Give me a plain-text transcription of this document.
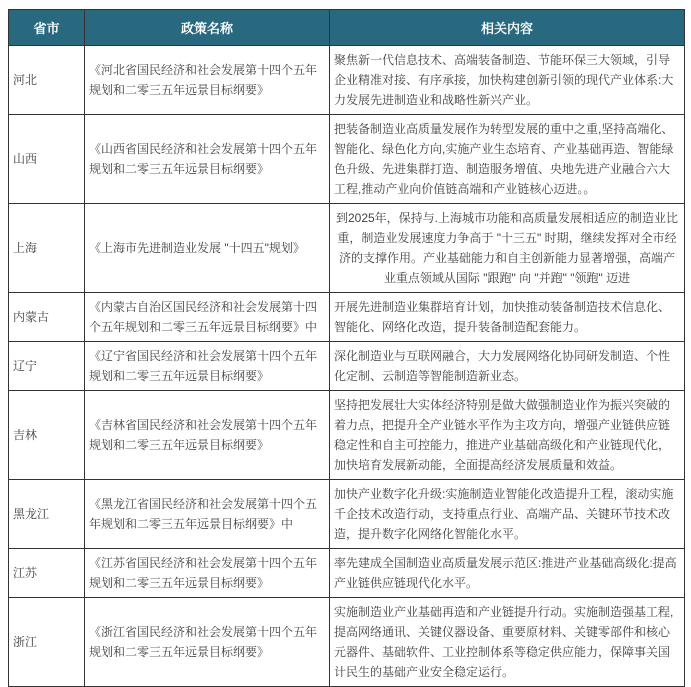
省市	政策名称	相关内容
河北	《河北省国民经济和社会发展第十四个五年规划和二零三五年远景目标纲要》	聚焦新一代信息技术、高端装备制造、节能环保三大领域，引导企业精准对接、有序承接，加快构建创新引领的现代产业体系:大力发展先进制造业和战略性新兴产业。
山西	《山西省国民经济和社会发展第十四个五年规划和二零三五年远景目标纲要》	把装备制造业高质量发展作为转型发展的重中之重,坚持高端化、智能化、绿色化方向,实施产业生态培育、产业基础再造、智能绿色升级、先进集群打造、制造服务增值、央地先进产业融合六大工程,推动产业向价值链高端和产业链核心迈进。。
上海	《上海市先进制造业发展 "十四五"规划》	到2025年，保持与.上海城市功能和高质量发展相适应的制造业比重，制造业发展速度力争高于 "十三五" 时期，继续发挥对全市经济的支撑作用。产业基础能力和自主创新能力显著增强，高端产业重点领域从国际 "跟跑" 向 "并跑" "领跑" 迈进
内蒙古	《内蒙古自治区国民经济和社会发展第十四个五年规划和二零三五年远景目标纲要》中	开展先进制造业集群培育计划，加快推动装备制造技术信息化、智能化、网络化改造，提升装备制造配套能力。
辽宁	《辽宁省国民经济和社会发展第十四个五年规划和二零三五年远景目标纲要》	深化制造业与互联网融合，大力发展网络化协同研发制造、个性化定制、云制造等智能制造新业态。
吉林	《吉林省国民经济和社会发展第十四个五年规划和二零三五年远景目标纲要》	坚持把发展壮大实体经济特别是做大做强制造业作为振兴突破的着力点，把提升全产业链水平作为主攻方向，增强产业链供应链稳定性和自主可控能力，推进产业基础高级化和产业链现代化，加快培育发展新动能，全面提高经济发展质量和效益。
黑龙江	《黑龙江省国民经济和社会发展第十四个五年规划和二零三五年远景目标纲要》中	加快产业数字化升级:实施制造业智能化改造提升工程，滚动实施千企技术改造行动，支持重点行业、高端产品、关键环节技术改造，提升数字化网络化智能化水平。
江苏	《江苏省国民经济和社会发展第十四个五年规划和二零三五年远景目标纲要》	率先建成全国制造业高质量发展示范区:推进产业基础高级化:提高产业链供应链现代化水平。
浙江	《浙江省国民经济和社会发展第十四个五年规划和二零三五年远景目标纲要》	实施制造业产业基础再造和产业链提升行动。实施制造强基工程,提高网络通讯、关键仪器设备、重要原材料、关键零部件和核心元器件、基础软件、工业控制体系等稳定供应能力，保障事关国计民生的基础产业安全稳定运行。
